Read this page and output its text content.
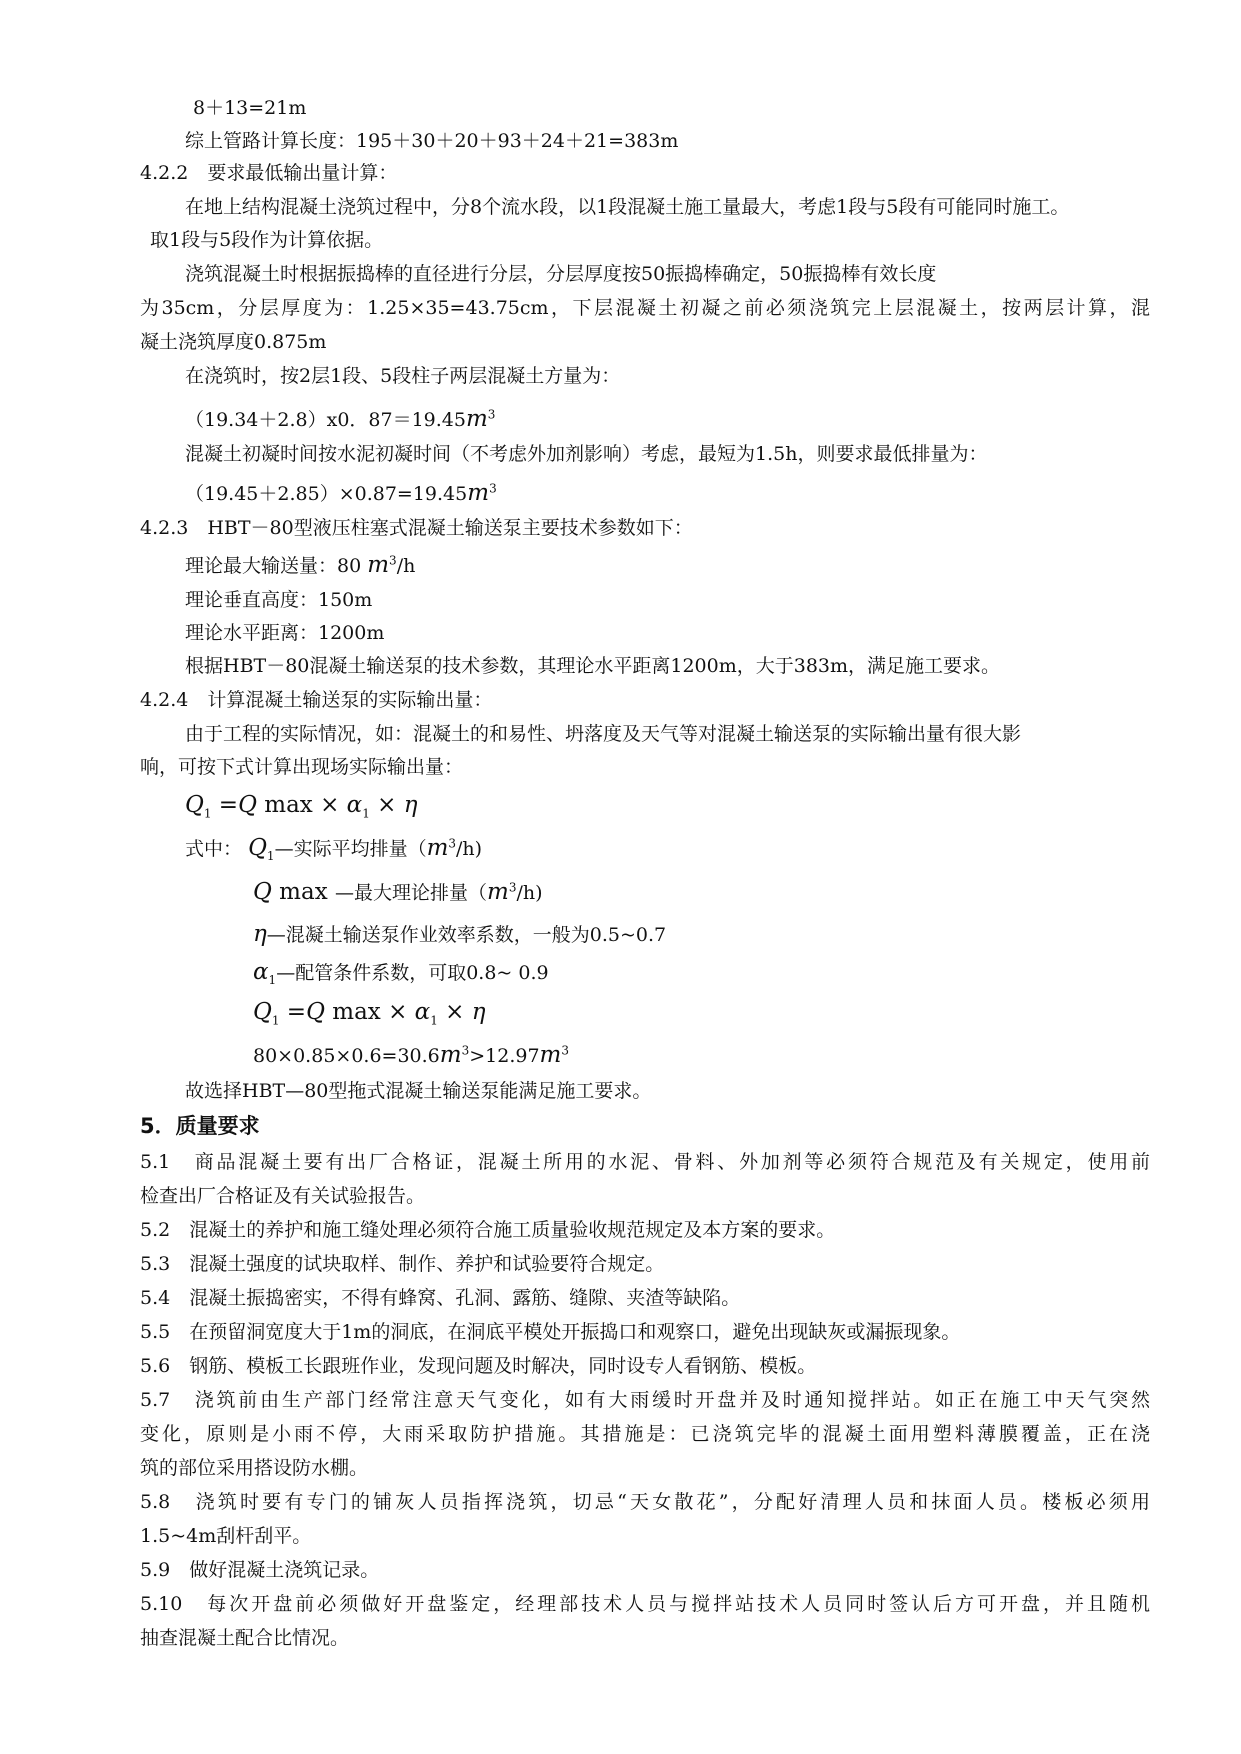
8＋13=21m
综上管路计算长度：195＋30＋20＋93＋24＋21=383m
4.2.2　要求最低输出量计算：
在地上结构混凝土浇筑过程中，分8个流水段，以1段混凝土施工量最大，考虑1段与5段有可能同时施工。
取1段与5段作为计算依据。
浇筑混凝土时根据振捣棒的直径进行分层，分层厚度按50振捣棒确定，50振捣棒有效长度
为35cm，分层厚度为：1.25×35=43.75cm，下层混凝土初凝之前必须浇筑完上层混凝土，按两层计算，混
凝土浇筑厚度0.875m
在浇筑时，按2层1段、5段柱子两层混凝土方量为：
（19.34＋2.8）x0．$87=19.45m^3$
混凝土初凝时间按水泥初凝时间（不考虑外加剂影响）考虑，最短为1.5h，则要求最低排量为：
$(19.45+2.85)\times 0.87=19.45m^3$
4.2.3　HBT－80型液压柱塞式混凝土输送泵主要技术参数如下：
理论最大输送量：80 $m^3/h$
理论垂直高度：150m
理论水平距离：1200m
根据HBT－80混凝土输送泵的技术参数，其理论水平距离1200m，大于383m，满足施工要求。
4.2.4　计算混凝土输送泵的实际输出量：
由于工程的实际情况，如：混凝土的和易性、坍落度及天气等对混凝土输送泵的实际输出量有很大影
响，可按下式计算出现场实际输出量：
$Q_1 =Q$ $\max \times \alpha_1 \times \eta$
式中： $Q_1—$实际平均排量$(m^3/h)$
Q max —最大理论排量$(m^3/h)$
η—混凝土输送泵作业效率系数，一般为0.5~0.7
$\alpha_1—$配管条件系数，可取0.8~ 0.9
$Q_1 =Q$ $\max \times \alpha_1 \times \eta$
$80\times 0.85\times 0.6=30.6m^3>12.97m^3$
故选择HBT—80型拖式混凝土输送泵能满足施工要求。
5．质量要求
5.1　商品混凝土要有出厂合格证，混凝土所用的水泥、骨料、外加剂等必须符合规范及有关规定，使用前
检查出厂合格证及有关试验报告。
5.2　混凝土的养护和施工缝处理必须符合施工质量验收规范规定及本方案的要求。
5.3　混凝土强度的试块取样、制作、养护和试验要符合规定。
5.4　混凝土振捣密实，不得有蜂窝、孔洞、露筋、缝隙、夹渣等缺陷。
5.5　在预留洞宽度大于1m的洞底，在洞底平模处开振捣口和观察口，避免出现缺灰或漏振现象。
5.6　钢筋、模板工长跟班作业，发现问题及时解决，同时设专人看钢筋、模板。
5.7　浇筑前由生产部门经常注意天气变化，如有大雨缓时开盘并及时通知搅拌站。如正在施工中天气突然
变化，原则是小雨不停，大雨采取防护措施。其措施是：已浇筑完毕的混凝土面用塑料薄膜覆盖，正在浇
筑的部位采用搭设防水棚。
5.8　浇筑时要有专门的铺灰人员指挥浇筑，切忌“天女散花”，分配好清理人员和抹面人员。楼板必须用
1.5~4m刮杆刮平。
5.9　做好混凝土浇筑记录。
5.10　每次开盘前必须做好开盘鉴定，经理部技术人员与搅拌站技术人员同时签认后方可开盘，并且随机
抽查混凝土配合比情况。
